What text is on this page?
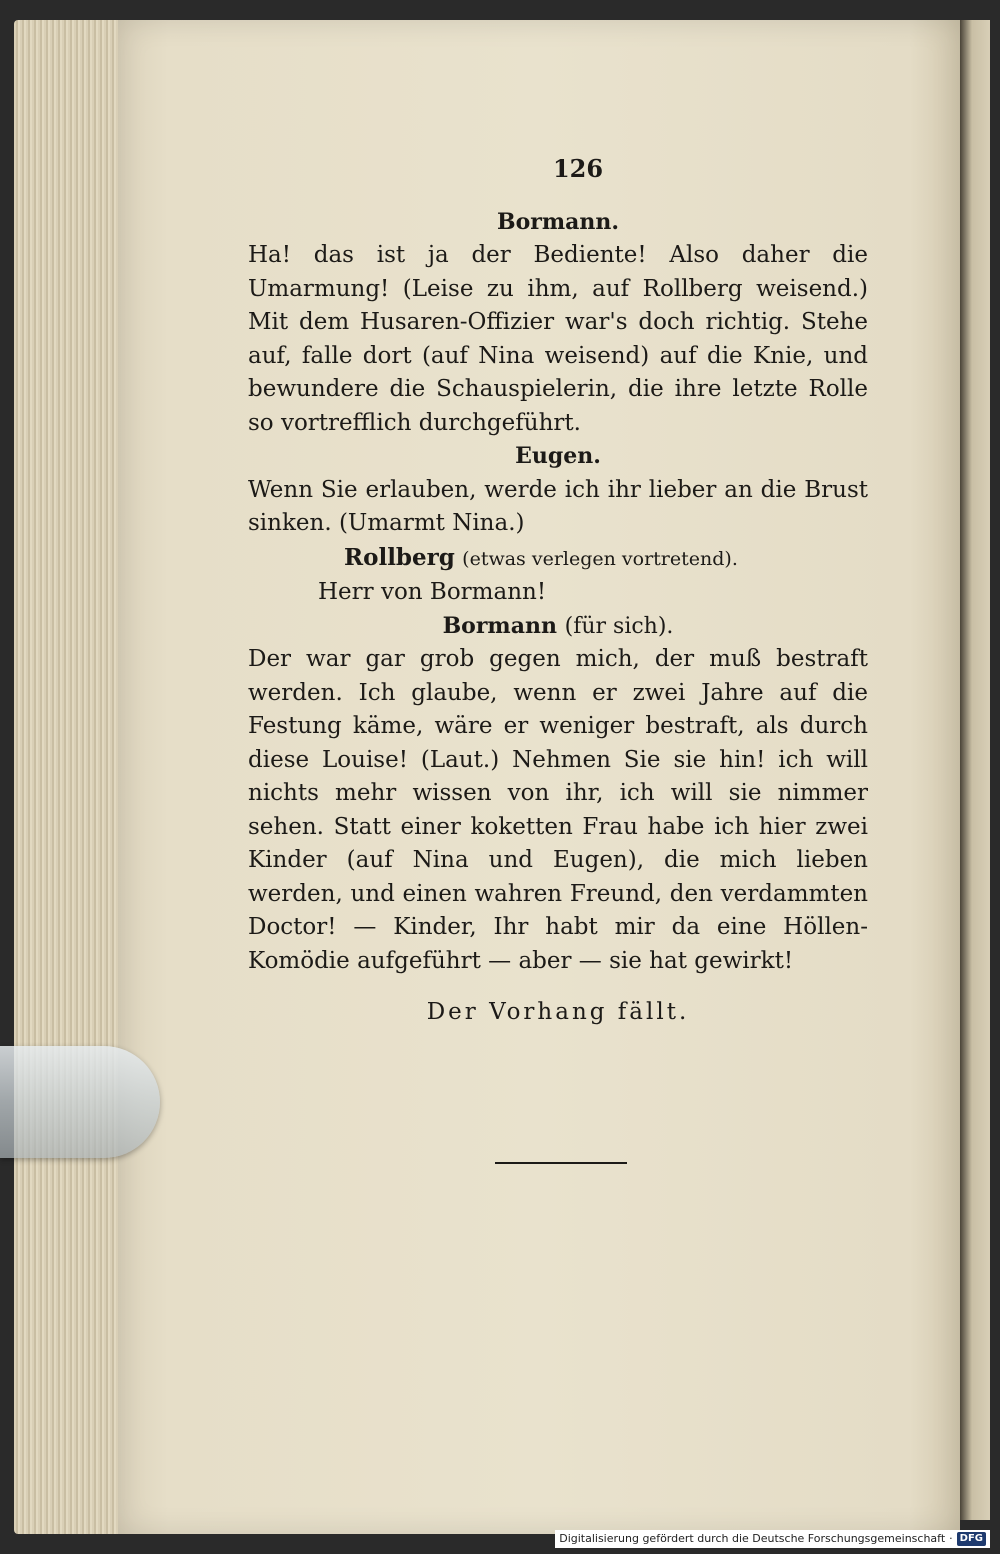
126
Bormann.
Ha! das ist ja der Bediente! Also daher die Umarmung! (Leise zu ihm, auf Rollberg weisend.) Mit dem Husaren-Offizier war's doch richtig. Stehe auf, falle dort (auf Nina weisend) auf die Knie, und bewundere die Schauspielerin, die ihre letzte Rolle so vortrefflich durchgeführt.
Eugen.
Wenn Sie erlauben, werde ich ihr lieber an die Brust sinken. (Umarmt Nina.)
Rollberg (etwas verlegen vortretend).
Herr von Bormann!
Bormann (für sich).
Der war gar grob gegen mich, der muß bestraft werden. Ich glaube, wenn er zwei Jahre auf die Festung käme, wäre er weniger bestraft, als durch diese Louise! (Laut.) Nehmen Sie sie hin! ich will nichts mehr wissen von ihr, ich will sie nimmer sehen. Statt einer koketten Frau habe ich hier zwei Kinder (auf Nina und Eugen), die mich lieben werden, und einen wahren Freund, den verdammten Doctor! — Kinder, Ihr habt mir da eine Höllen-Komödie aufgeführt — aber — sie hat gewirkt!
Der Vorhang fällt.
Digitalisierung gefördert durch die Deutsche Forschungsgemeinschaft · DFG
